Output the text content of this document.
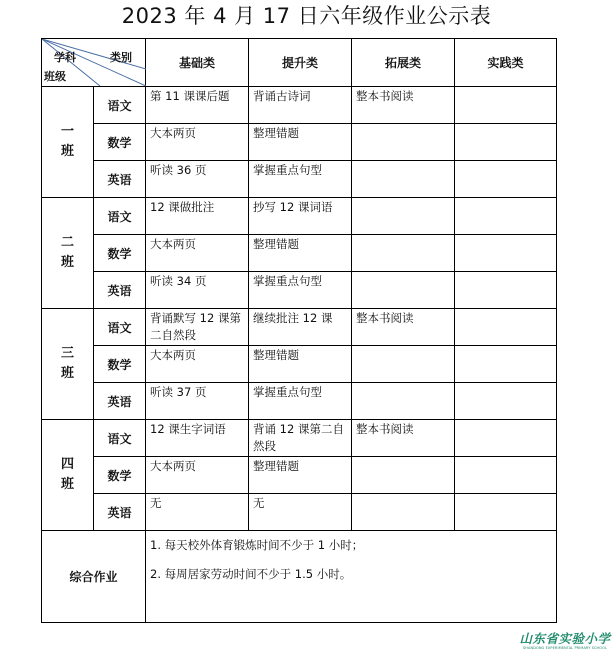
2023 年 4 月 17 日六年级作业公示表
学科 类别
班级		基础类	提升类	拓展类	实践类

一
班	语文	第 11 课课后题	背诵古诗词	整本书阅读	
	数学	大本两页	整理错题		
	英语	听读 36 页	掌握重点句型		

二
班	语文	12 课做批注	抄写 12 课词语		
	数学	大本两页	整理错题		
	英语	听读 34 页	掌握重点句型		

三
班	语文	背诵默写 12 课第二自然段	继续批注 12 课	整本书阅读	
	数学	大本两页	整理错题		
	英语	听读 37 页	掌握重点句型		

四
班	语文	12 课生字词语	背诵 12 课第二自然段	整本书阅读	
	数学	大本两页	整理错题		
	英语	无	无		
综合作业		1. 每天校外体育锻炼时间不少于 1 小时；

2. 每周居家劳动时间不少于 1.5 小时。			

山东省实验小学
SHANDONG EXPERIMENTAL PRIMARY SCHOOL
